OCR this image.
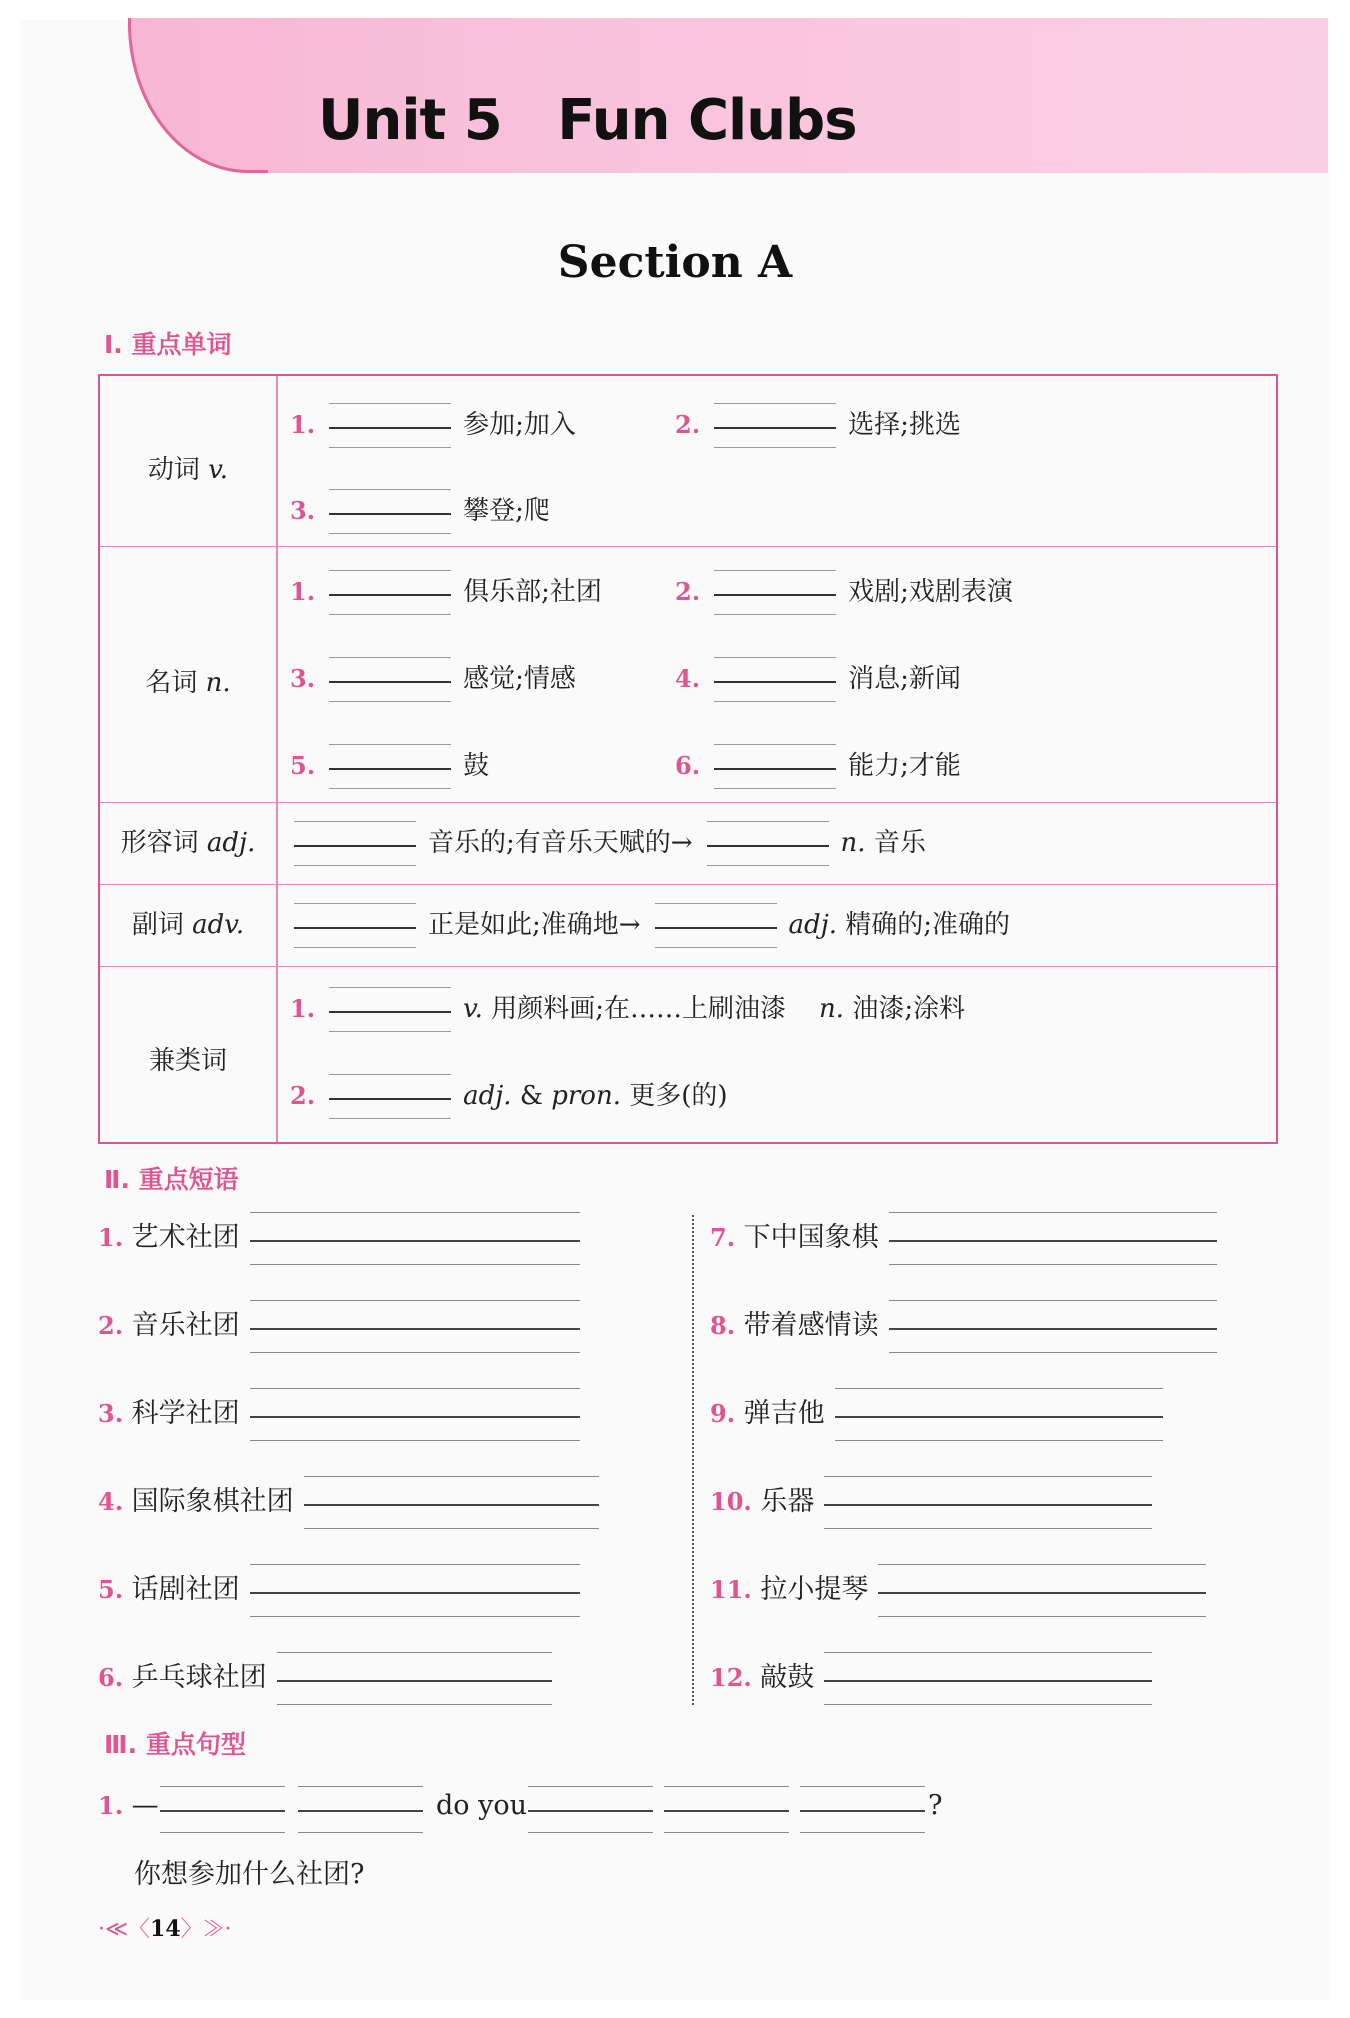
Unit 5   Fun Clubs
Section A
Ⅰ. 重点单词
动词 v.
1.	参加;加入	2.	选择;挑选
3.	攀登;爬
名词 n.
1.	俱乐部;社团	2.	戏剧;戏剧表演
3.	感觉;情感	4.	消息;新闻
5.	鼓	6.	能力;才能
形容词 adj.	音乐的;有音乐天赋的→	n. 音乐
副词 adv.	正是如此;准确地→	adj. 精确的;准确的
兼类词
1.	v. 用颜料画;在……上刷油漆 n. 油漆;涂料
2.	adj. & pron. 更多(的)
Ⅱ. 重点短语
1. 艺术社团
2. 音乐社团
3. 科学社团
4. 国际象棋社团
5. 话剧社团
6. 乒乓球社团
7. 下中国象棋
8. 带着感情读
9. 弹吉他
10. 乐器
11. 拉小提琴
12. 敲鼓
Ⅲ. 重点句型
1. —	do you	?
你想参加什么社团?
·≪〈14〉≫·
